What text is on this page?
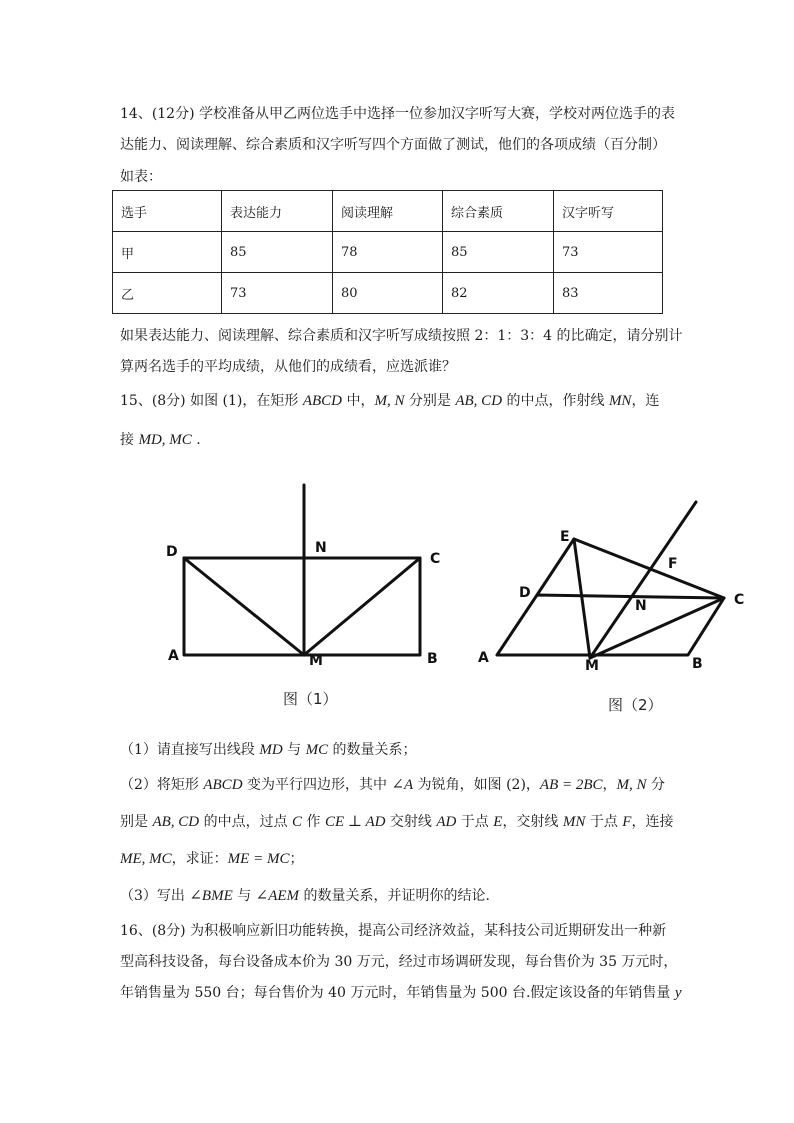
14、(12分) 学校准备从甲乙两位选手中选择一位参加汉字听写大赛，学校对两位选手的表
达能力、阅读理解、综合素质和汉字听写四个方面做了测试，他们的各项成绩（百分制）
如表：
选手	表达能力	阅读理解	综合素质	汉字听写
甲	85	78	85	73
乙	73	80	82	83
如果表达能力、阅读理解、综合素质和汉字听写成绩按照 2：1：3：4 的比确定，请分别计
算两名选手的平均成绩，从他们的成绩看，应选派谁？
15、(8分) 如图 (1)，在矩形 ABCD 中，M, N 分别是 AB, CD 的中点，作射线 MN，连
接 MD, MC .
D	N
C
A	M	B
图（1）
E
F
D
N	C
A	M	B
图（2）
（1）请直接写出线段 MD 与 MC 的数量关系；
（2）将矩形 ABCD 变为平行四边形，其中 ∠A 为锐角，如图 (2)，AB = 2BC，M, N 分
别是 AB, CD 的中点，过点 C 作 CE ⊥ AD 交射线 AD 于点 E，交射线 MN 于点 F，连接
ME, MC，求证：ME = MC；
（3）写出 ∠BME 与 ∠AEM 的数量关系，并证明你的结论.
16、(8分) 为积极响应新旧功能转换，提高公司经济效益，某科技公司近期研发出一种新
型高科技设备，每台设备成本价为 30 万元，经过市场调研发现，每台售价为 35 万元时，
年销售量为 550 台；每台售价为 40 万元时，年销售量为 500 台.假定该设备的年销售量 y
